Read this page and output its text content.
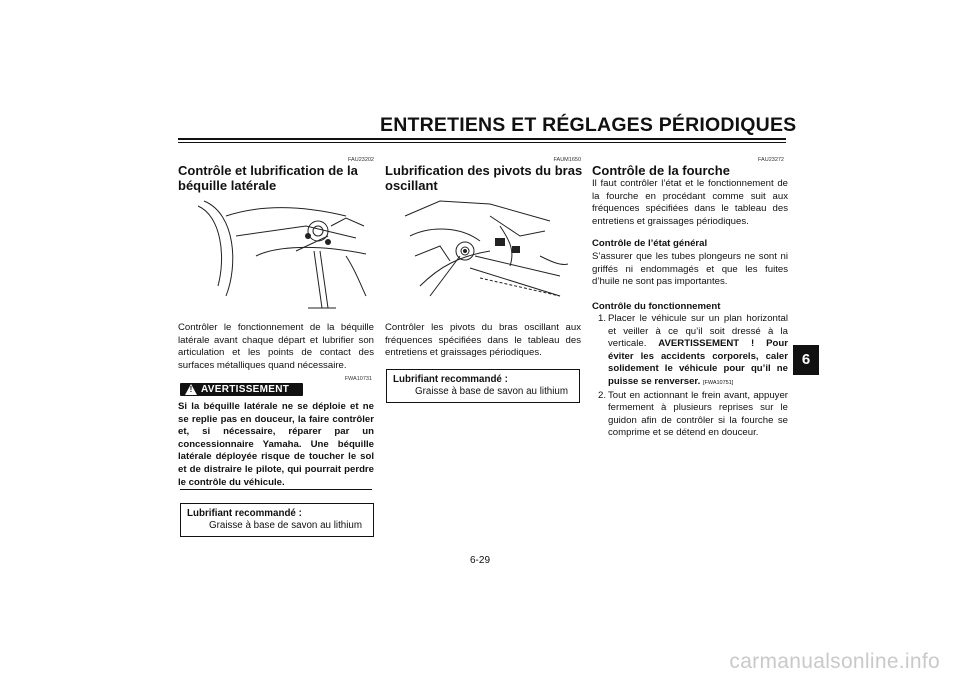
ENTRETIENS ET RÉGLAGES PÉRIODIQUES
6
FAU23202
Contrôle et lubrification de la
béquille latérale
Contrôler le fonctionnement de la béquille latérale avant chaque départ et lubrifier son articulation et les points de contact des surfaces métalliques quand nécessaire.
FWA10731
! AVERTISSEMENT
Si la béquille latérale ne se déploie et ne se replie pas en douceur, la faire contrôler et, si nécessaire, réparer par un concessionnaire Yamaha. Une béquille latérale déployée risque de toucher le sol et de distraire le pilote, qui pourrait perdre le contrôle du véhicule.
Lubrifiant recommandé :
Graisse à base de savon au lithium
FAUM1650
Lubrification des pivots du bras
oscillant
Contrôler les pivots du bras oscillant aux fréquences spécifiées dans le tableau des entretiens et graissages périodiques.
Lubrifiant recommandé :
Graisse à base de savon au lithium
FAU23272
Contrôle de la fourche
Il faut contrôler l’état et le fonctionnement de la fourche en procédant comme suit aux fréquences spécifiées dans le tableau des entretiens et graissages périodiques.
Contrôle de l’état général
S’assurer que les tubes plongeurs ne sont ni griffés ni endommagés et que les fuites d’huile ne sont pas importantes.
Contrôle du fonctionnement
1. Placer le véhicule sur un plan horizontal et veiller à ce qu’il soit dressé à la verticale. AVERTISSEMENT ! Pour éviter les accidents corporels, caler solidement le véhicule pour qu’il ne puisse se renverser. [FWA10751]
2. Tout en actionnant le frein avant, appuyer fermement à plusieurs reprises sur le guidon afin de contrôler si la fourche se comprime et se détend en douceur.
6-29
carmanualsonline.info
